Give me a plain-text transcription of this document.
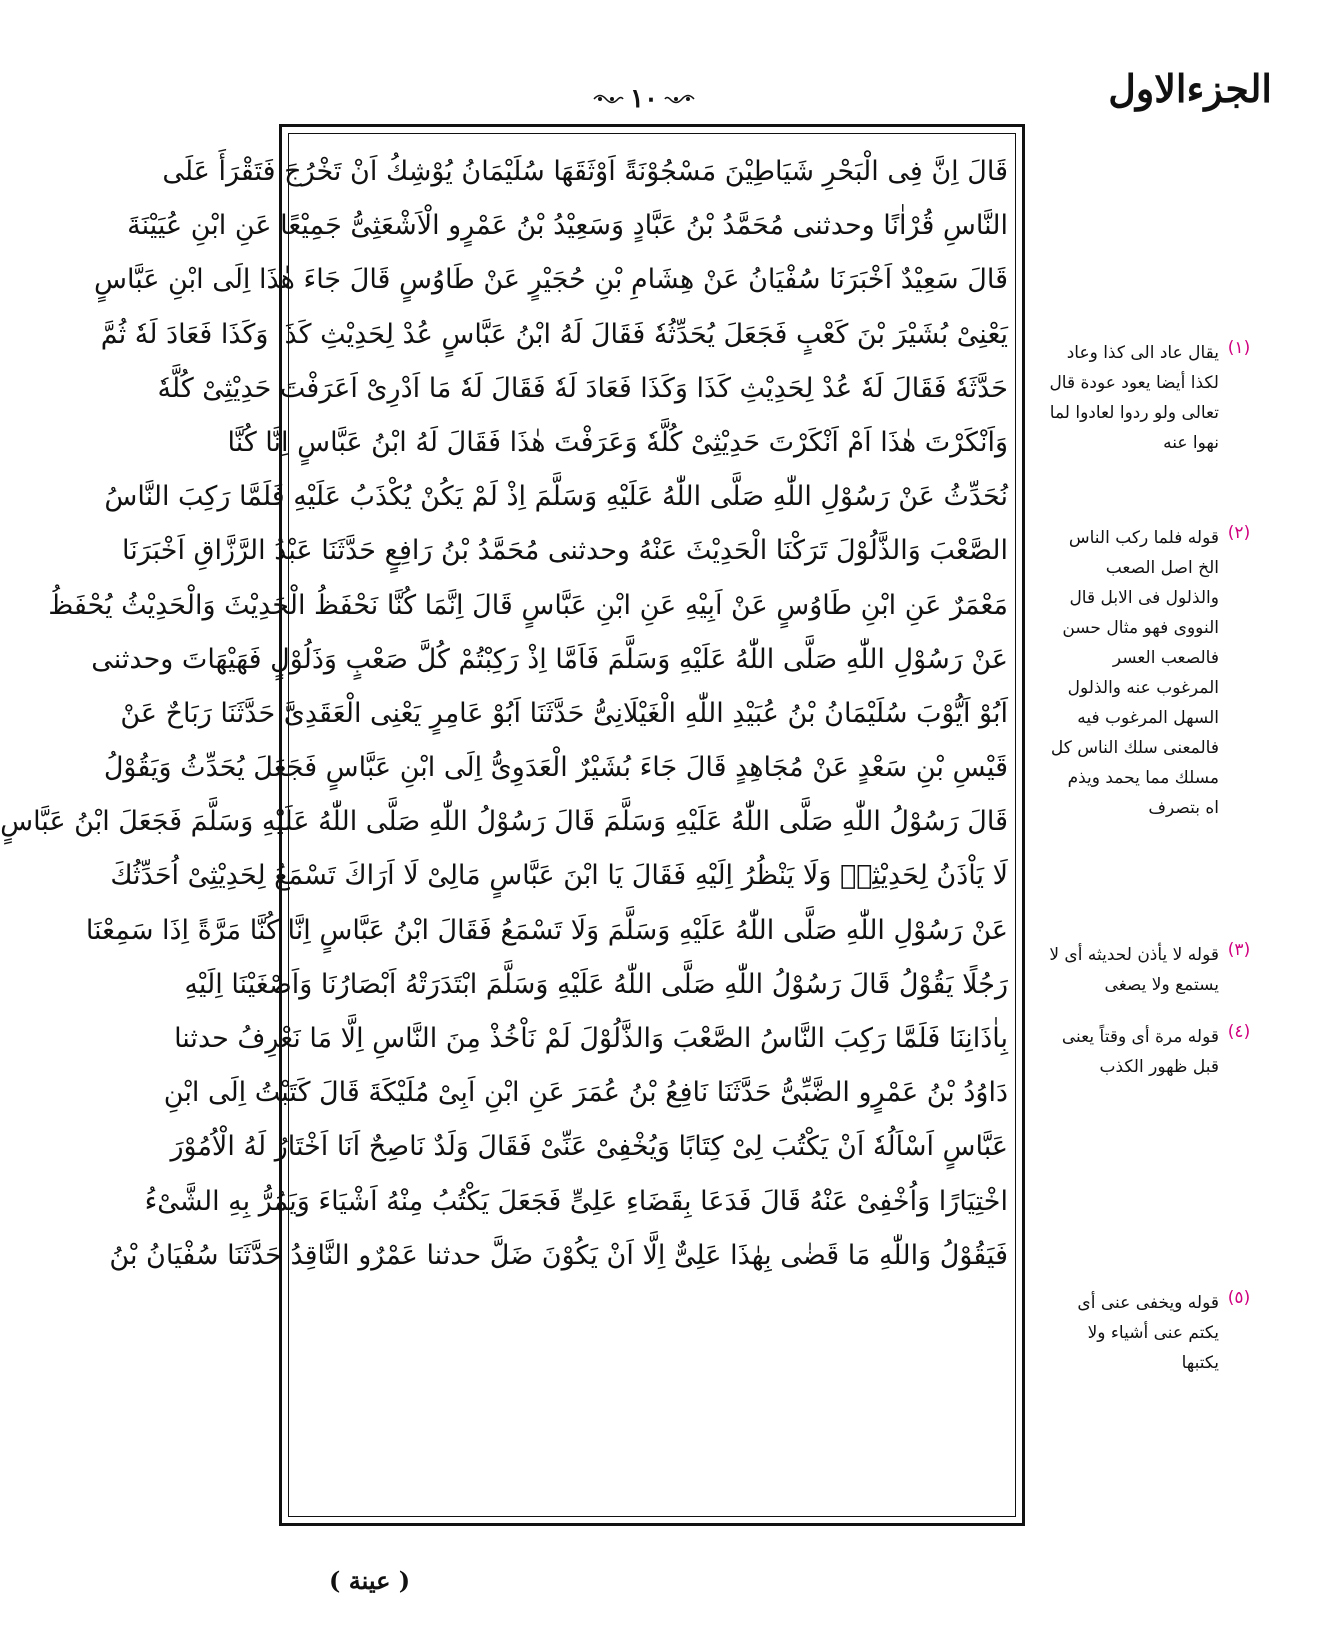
الجزءالاول
١٠
قَالَ اِنَّ فِى الْبَحْرِ شَيَاطِيْنَ مَسْجُوْنَةً اَوْثَقَهَا سُلَيْمَانُ يُوْشِكُ اَنْ تَخْرُجَ فَتَقْرَأَ عَلَى
النَّاسِ قُرْاٰنًا وحدثنى مُحَمَّدُ بْنُ عَبَّادٍ وَسَعِيْدُ بْنُ عَمْرٍو الْاَشْعَثِىُّ جَمِيْعًا عَنِ ابْنِ عُيَيْنَةَ
قَالَ سَعِيْدٌ اَخْبَرَنَا سُفْيَانُ عَنْ هِشَامِ بْنِ حُجَيْرٍ عَنْ طَاوُسٍ قَالَ جَاءَ هٰذَا اِلَى ابْنِ عَبَّاسٍ
يَعْنِىْ بُشَيْرَ بْنَ كَعْبٍ فَجَعَلَ يُحَدِّثُهٗ فَقَالَ لَهُ ابْنُ عَبَّاسٍ عُدْ لِحَدِيْثِ كَذَا وَكَذَا فَعَادَ لَهٗ ثُمَّ
حَدَّثَهٗ فَقَالَ لَهٗ عُدْ لِحَدِيْثِ كَذَا وَكَذَا فَعَادَ لَهٗ فَقَالَ لَهٗ مَا اَدْرِىْ اَعَرَفْتَ حَدِيْثِىْ كُلَّهٗ
وَاَنْكَرْتَ هٰذَا اَمْ اَنْكَرْتَ حَدِيْثِىْ كُلَّهٗ وَعَرَفْتَ هٰذَا فَقَالَ لَهُ ابْنُ عَبَّاسٍ اِنَّا كُنَّا
نُحَدِّثُ عَنْ رَسُوْلِ اللّٰهِ صَلَّى اللّٰهُ عَلَيْهِ وَسَلَّمَ اِذْ لَمْ يَكُنْ يُكْذَبُ عَلَيْهِ فَلَمَّا رَكِبَ النَّاسُ
الصَّعْبَ وَالذَّلُوْلَ تَرَكْنَا الْحَدِيْثَ عَنْهُ وحدثنى مُحَمَّدُ بْنُ رَافِعٍ حَدَّثَنَا عَبْدُ الرَّزَّاقِ اَخْبَرَنَا
مَعْمَرٌ عَنِ ابْنِ طَاوُسٍ عَنْ اَبِيْهِ عَنِ ابْنِ عَبَّاسٍ قَالَ اِنَّمَا كُنَّا نَحْفَظُ الْحَدِيْثَ وَالْحَدِيْثُ يُحْفَظُ
عَنْ رَسُوْلِ اللّٰهِ صَلَّى اللّٰهُ عَلَيْهِ وَسَلَّمَ فَاَمَّا اِذْ رَكِبْتُمْ كُلَّ صَعْبٍ وَذَلُوْلٍ فَهَيْهَاتَ وحدثنى
اَبُوْ اَيُّوْبَ سُلَيْمَانُ بْنُ عُبَيْدِ اللّٰهِ الْغَيْلَانِىُّ حَدَّثَنَا اَبُوْ عَامِرٍ يَعْنِى الْعَقَدِىَّ حَدَّثَنَا رَبَاحٌ عَنْ
قَيْسِ بْنِ سَعْدٍ عَنْ مُجَاهِدٍ قَالَ جَاءَ بُشَيْرٌ الْعَدَوِىُّ اِلَى ابْنِ عَبَّاسٍ فَجَعَلَ يُحَدِّثُ وَيَقُوْلُ
قَالَ رَسُوْلُ اللّٰهِ صَلَّى اللّٰهُ عَلَيْهِ وَسَلَّمَ قَالَ رَسُوْلُ اللّٰهِ صَلَّى اللّٰهُ عَلَيْهِ وَسَلَّمَ فَجَعَلَ ابْنُ عَبَّاسٍ
لَا يَاْذَنُ لِحَدِيْثِهٖ وَلَا يَنْظُرُ اِلَيْهِ فَقَالَ يَا ابْنَ عَبَّاسٍ مَالِىْ لَا اَرَاكَ تَسْمَعُ لِحَدِيْثِىْ اُحَدِّثُكَ
عَنْ رَسُوْلِ اللّٰهِ صَلَّى اللّٰهُ عَلَيْهِ وَسَلَّمَ وَلَا تَسْمَعُ فَقَالَ ابْنُ عَبَّاسٍ اِنَّا كُنَّا مَرَّةً اِذَا سَمِعْنَا
رَجُلًا يَقُوْلُ قَالَ رَسُوْلُ اللّٰهِ صَلَّى اللّٰهُ عَلَيْهِ وَسَلَّمَ ابْتَدَرَتْهُ اَبْصَارُنَا وَاَصْغَيْنَا اِلَيْهِ
بِاٰذَانِنَا فَلَمَّا رَكِبَ النَّاسُ الصَّعْبَ وَالذَّلُوْلَ لَمْ نَاْخُذْ مِنَ النَّاسِ اِلَّا مَا نَعْرِفُ حدثنا
دَاوُدُ بْنُ عَمْرٍو الضَّبِّىُّ حَدَّثَنَا نَافِعُ بْنُ عُمَرَ عَنِ ابْنِ اَبِىْ مُلَيْكَةَ قَالَ كَتَبْتُ اِلَى ابْنِ
عَبَّاسٍ اَسْاَلُهٗ اَنْ يَكْتُبَ لِىْ كِتَابًا وَيُخْفِىْ عَنِّىْ فَقَالَ وَلَدٌ نَاصِحٌ اَنَا اَخْتَارُ لَهُ الْاُمُوْرَ
اخْتِيَارًا وَاُخْفِىْ عَنْهُ قَالَ فَدَعَا بِقَضَاءِ عَلِىٍّ فَجَعَلَ يَكْتُبُ مِنْهُ اَشْيَاءَ وَيَمُرُّ بِهِ الشَّىْءُ
فَيَقُوْلُ وَاللّٰهِ مَا قَضٰى بِهٰذَا عَلِىٌّ اِلَّا اَنْ يَكُوْنَ ضَلَّ حدثنا عَمْرٌو النَّاقِدُ حَدَّثَنَا سُفْيَانُ بْنُ
(١)
يقال عاد الى كذا وعاد لكذا أيضا يعود عودة قال تعالى ولو ردوا لعادوا لما نهوا عنه
(٢)
قوله فلما ركب الناس الخ اصل الصعب والذلول فى الابل قال النووى فهو مثال حسن فالصعب العسر المرغوب عنه والذلول السهل المرغوب فيه فالمعنى سلك الناس كل مسلك مما يحمد ويذم اه بتصرف
(٣)
قوله لا يأذن لحديثه أى لا يستمع ولا يصغى
(٤)
قوله مرة أى وقتاً يعنى قبل ظهور الكذب
(٥)
قوله ويخفى عنى أى يكتم عنى أشياء ولا يكتبها
( عينة )
